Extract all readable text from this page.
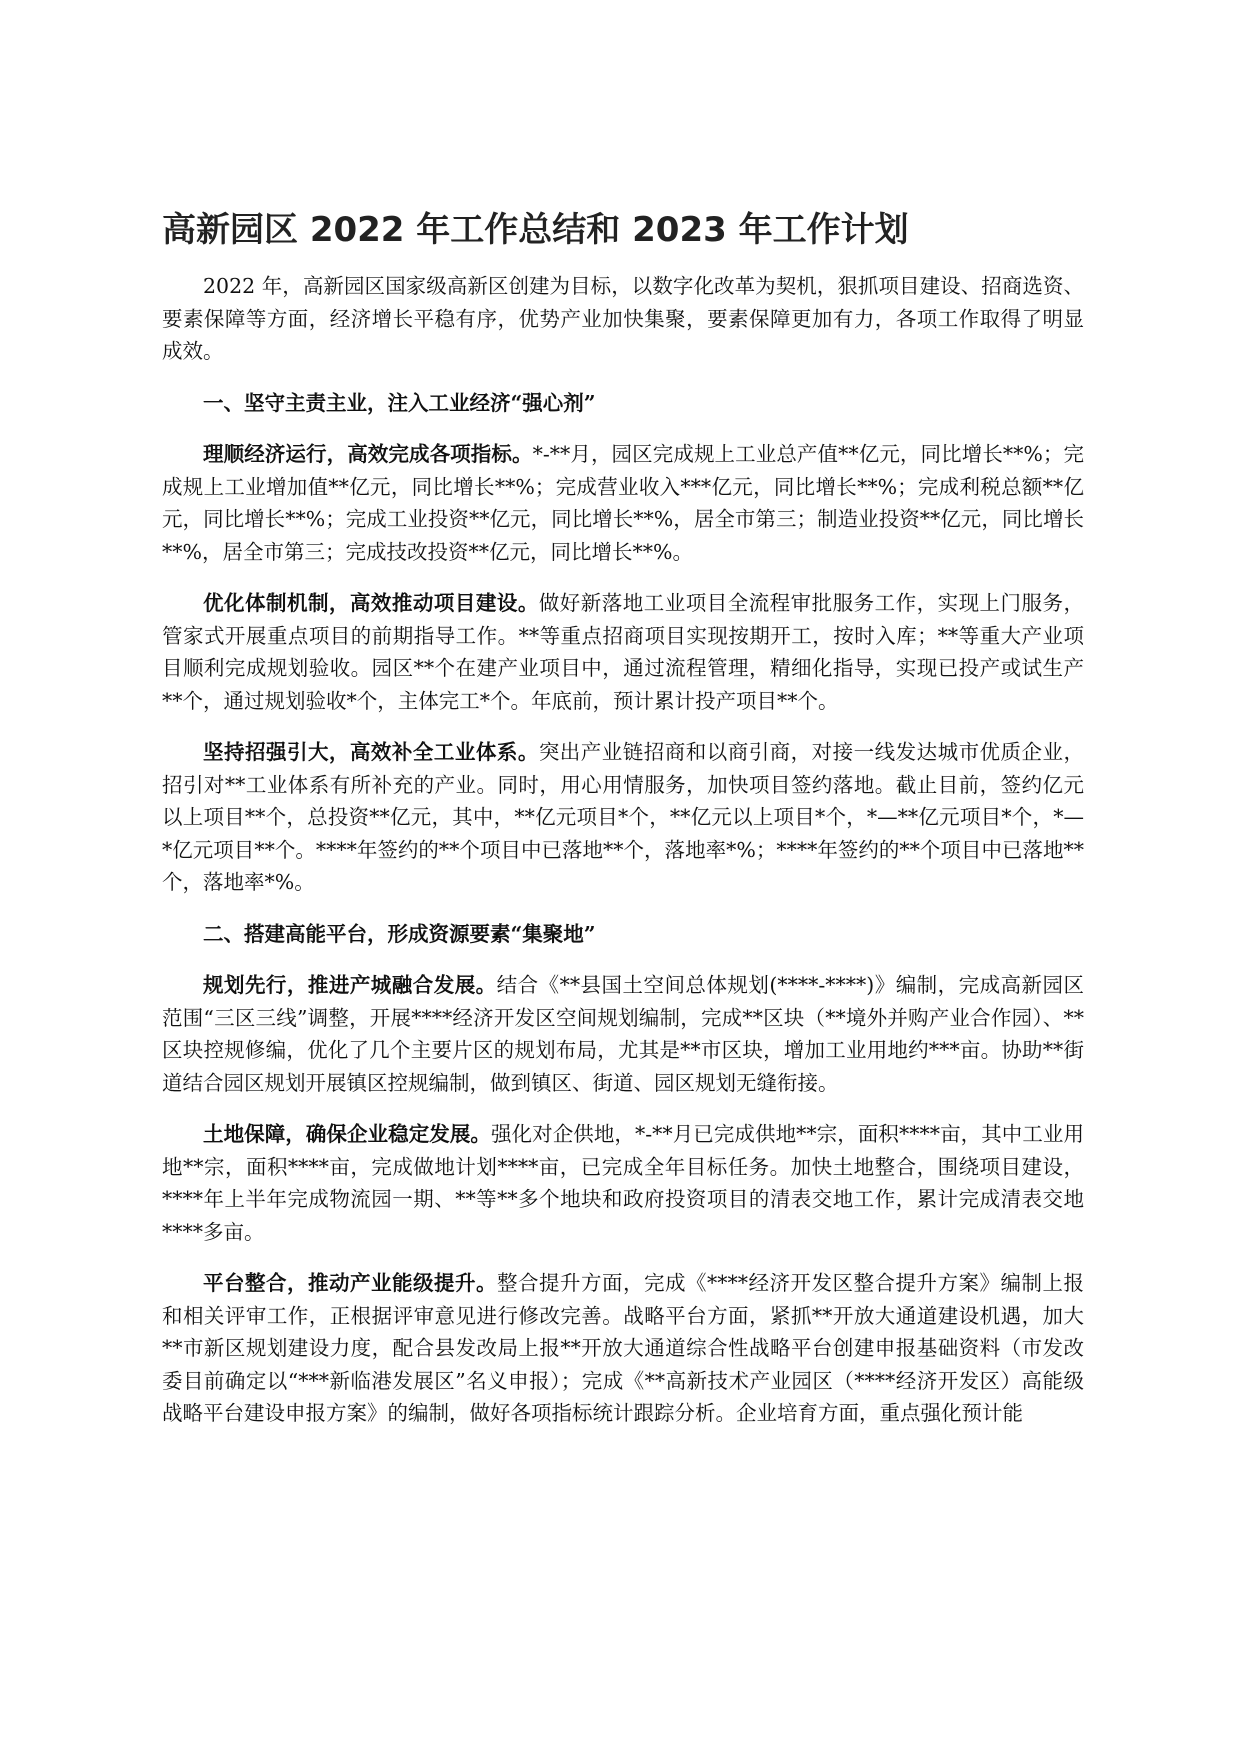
高新园区 2022 年工作总结和 2023 年工作计划

2022 年，高新园区国家级高新区创建为目标，以数字化改革为契机，狠抓项目建设、招商选资、要素保障等方面，经济增长平稳有序，优势产业加快集聚，要素保障更加有力，各项工作取得了明显成效。

一、坚守主责主业，注入工业经济“强心剂”

理顺经济运行，高效完成各项指标。*-**月，园区完成规上工业总产值**亿元，同比增长**%；完成规上工业增加值**亿元，同比增长**%；完成营业收入***亿元，同比增长**%；完成利税总额**亿元，同比增长**%；完成工业投资**亿元，同比增长**%，居全市第三；制造业投资**亿元，同比增长**%，居全市第三；完成技改投资**亿元，同比增长**%。

优化体制机制，高效推动项目建设。做好新落地工业项目全流程审批服务工作，实现上门服务，管家式开展重点项目的前期指导工作。**等重点招商项目实现按期开工，按时入库；**等重大产业项目顺利完成规划验收。园区**个在建产业项目中，通过流程管理，精细化指导，实现已投产或试生产**个，通过规划验收*个，主体完工*个。年底前，预计累计投产项目**个。

坚持招强引大，高效补全工业体系。突出产业链招商和以商引商，对接一线发达城市优质企业，招引对**工业体系有所补充的产业。同时，用心用情服务，加快项目签约落地。截止目前，签约亿元以上项目**个，总投资**亿元，其中，**亿元项目*个，**亿元以上项目*个，*—**亿元项目*个，*—*亿元项目**个。****年签约的**个项目中已落地**个，落地率*%；****年签约的**个项目中已落地**个，落地率*%。

二、搭建高能平台，形成资源要素“集聚地”

规划先行，推进产城融合发展。结合《**县国土空间总体规划(****-****)》编制，完成高新园区范围“三区三线”调整，开展****经济开发区空间规划编制，完成**区块（**境外并购产业合作园）、**区块控规修编，优化了几个主要片区的规划布局，尤其是**市区块，增加工业用地约***亩。协助**街道结合园区规划开展镇区控规编制，做到镇区、街道、园区规划无缝衔接。

土地保障，确保企业稳定发展。强化对企供地，*-**月已完成供地**宗，面积****亩，其中工业用地**宗，面积****亩，完成做地计划****亩，已完成全年目标任务。加快土地整合，围绕项目建设，****年上半年完成物流园一期、**等**多个地块和政府投资项目的清表交地工作，累计完成清表交地****多亩。

平台整合，推动产业能级提升。整合提升方面，完成《****经济开发区整合提升方案》编制上报和相关评审工作，正根据评审意见进行修改完善。战略平台方面，紧抓**开放大通道建设机遇，加大**市新区规划建设力度，配合县发改局上报**开放大通道综合性战略平台创建申报基础资料（市发改委目前确定以“***新临港发展区”名义申报）；完成《**高新技术产业园区（****经济开发区）高能级战略平台建设申报方案》的编制，做好各项指标统计跟踪分析。企业培育方面，重点强化预计能
